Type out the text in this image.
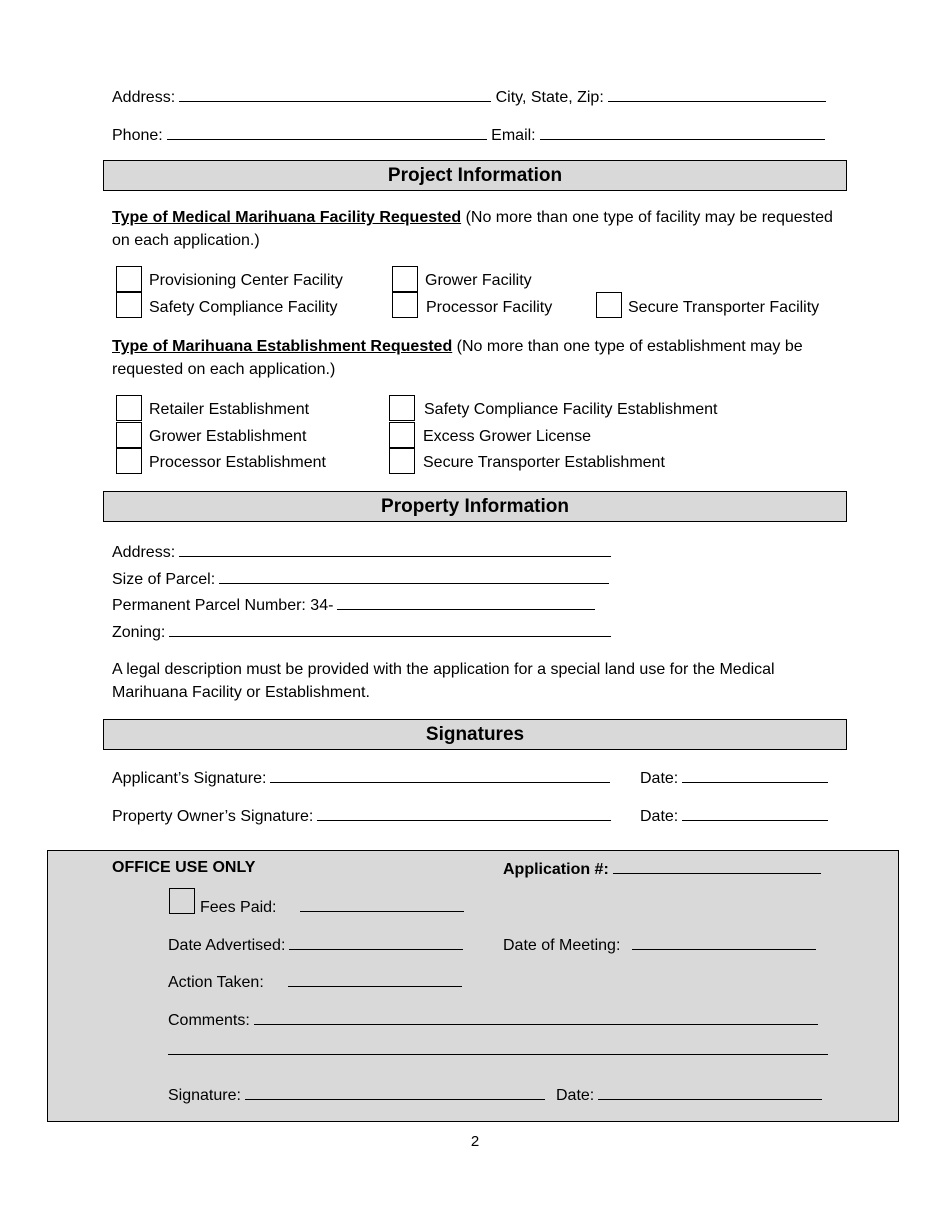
Address:	City, State, Zip:
Phone:	Email:
Project Information
Type of Medical Marihuana Facility Requested (No more than one type of facility may be requested on each application.)
Provisioning Center Facility	Grower Facility
Safety Compliance Facility	Processor Facility	Secure Transporter Facility
Type of Marihuana Establishment Requested (No more than one type of establishment may be requested on each application.)
Retailer Establishment	Safety Compliance Facility Establishment
Grower Establishment	Excess Grower License
Processor Establishment	Secure Transporter Establishment
Property Information
Address:
Size of Parcel:
Permanent Parcel Number: 34-
Zoning:
A legal description must be provided with the application for a special land use for the Medical Marihuana Facility or Establishment.
Signatures
Applicant’s Signature:	Date:
Property Owner’s Signature:	Date:
OFFICE USE ONLY	Application #:
Fees Paid:
Date Advertised:	Date of Meeting:
Action Taken:
Comments:
Signature:	Date:
2
